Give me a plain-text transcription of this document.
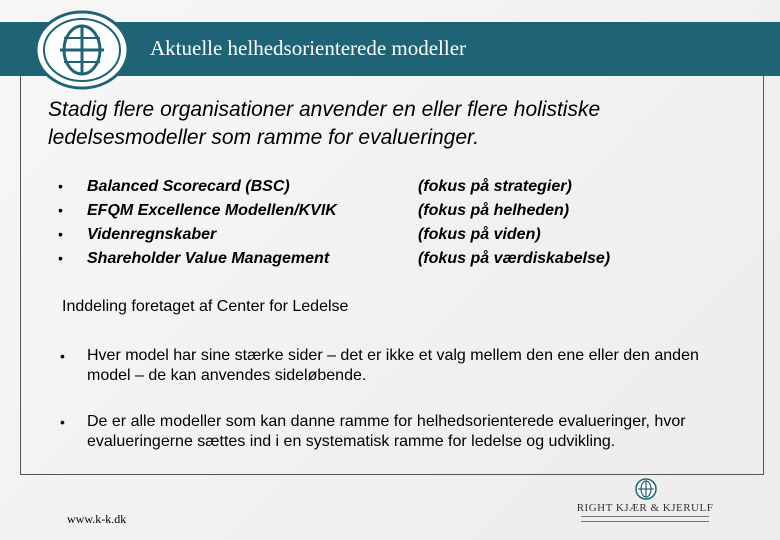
Aktuelle helhedsorienterede modeller
Stadig flere organisationer anvender en eller flere holistiske ledelsesmodeller som ramme for evalueringer.
• Balanced Scorecard (BSC)	(fokus på strategier)
• EFQM Excellence Modellen/KVIK	(fokus på helheden)
• Videnregnskaber	(fokus på viden)
• Shareholder Value Management	(fokus på værdiskabelse)
Inddeling foretaget af Center for Ledelse
• Hver model har sine stærke sider – det er ikke et valg mellem den ene eller den anden model – de kan anvendes sideløbende.
• De er alle modeller som kan danne ramme for helhedsorienterede evalueringer, hvor evalueringerne sættes ind i en systematisk ramme for ledelse og udvikling.
www.k-k.dk
RIGHT KJÆR & KJERULF
